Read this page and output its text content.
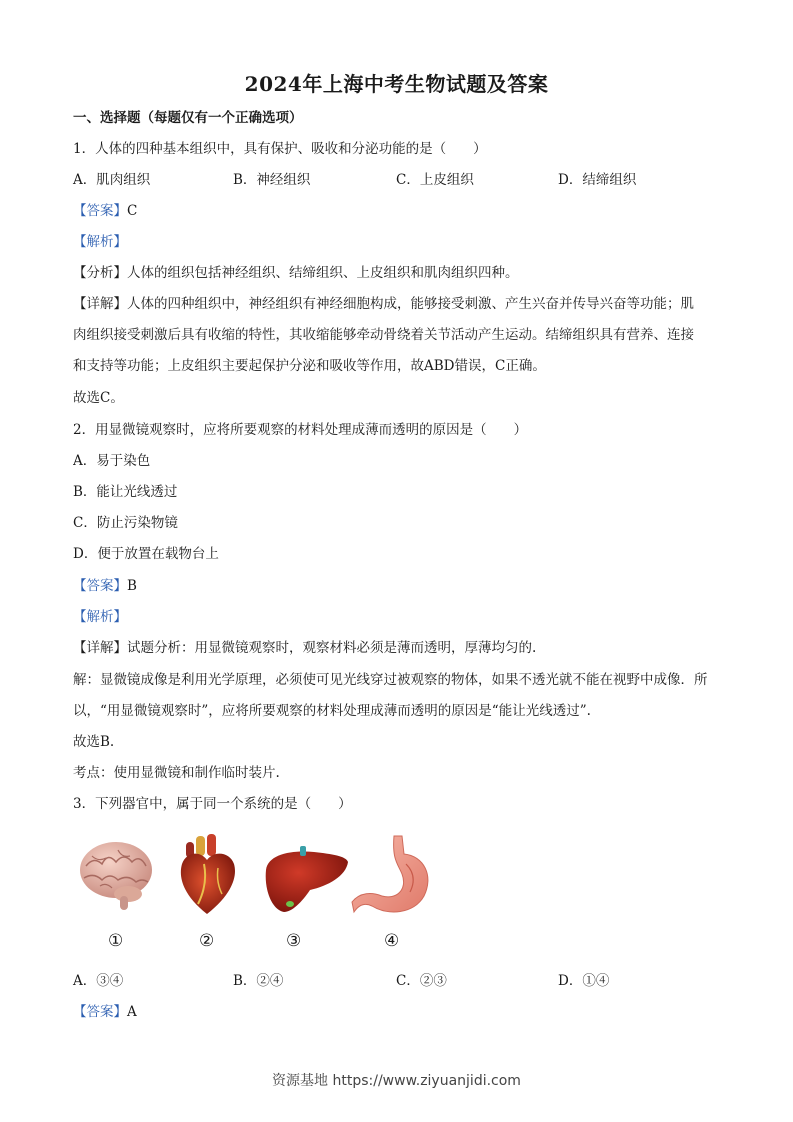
2024年上海中考生物试题及答案
一、选择题（每题仅有一个正确选项）
1．人体的四种基本组织中，具有保护、吸收和分泌功能的是（　　）
A．肌肉组织	B．神经组织	C．上皮组织	D．结缔组织
【答案】C
【解析】
【分析】人体的组织包括神经组织、结缔组织、上皮组织和肌肉组织四种。
【详解】人体的四种组织中，神经组织有神经细胞构成，能够接受刺激、产生兴奋并传导兴奋等功能；肌
肉组织接受刺激后具有收缩的特性，其收缩能够牵动骨绕着关节活动产生运动。结缔组织具有营养、连接
和支持等功能；上皮组织主要起保护分泌和吸收等作用，故ABD错误，C正确。
故选C。
2．用显微镜观察时，应将所要观察的材料处理成薄而透明的原因是（　　）
A．易于染色
B．能让光线透过
C．防止污染物镜
D．便于放置在载物台上
【答案】B
【解析】
【详解】试题分析：用显微镜观察时，观察材料必须是薄而透明，厚薄均匀的.
解：显微镜成像是利用光学原理，必须使可见光线穿过被观察的物体，如果不透光就不能在视野中成像．所
以，“用显微镜观察时”，应将所要观察的材料处理成薄而透明的原因是“能让光线透过”.
故选B.
考点：使用显微镜和制作临时装片.
3．下列器官中，属于同一个系统的是（　　）
①	②	③	④
A．③④	B．②④	C．②③	D．①④
【答案】A
资源基地 https://www.ziyuanjidi.com
